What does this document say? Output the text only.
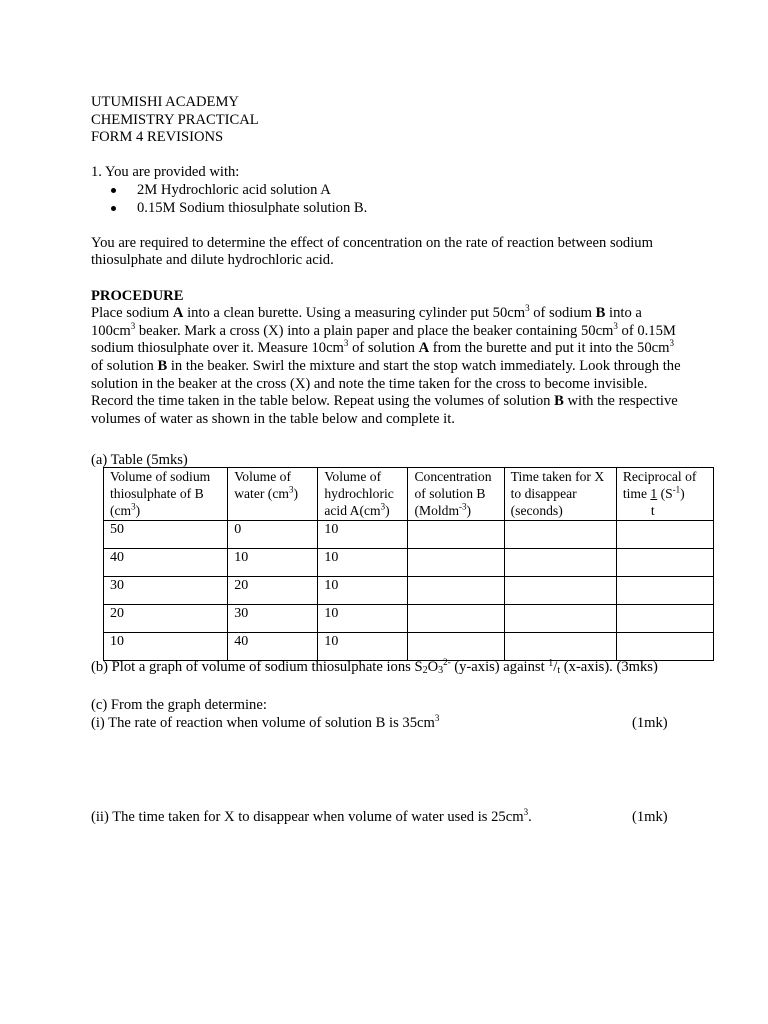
UTUMISHI ACADEMY
CHEMISTRY PRACTICAL
FORM 4 REVISIONS
1. You are provided with:
2M Hydrochloric acid solution A
0.15M Sodium thiosulphate solution B.
You are required to determine the effect of concentration on the rate of reaction between sodium thiosulphate and dilute hydrochloric acid.
PROCEDURE
Place sodium A into a clean burette. Using a measuring cylinder put $50cm^3$ of sodium B into a $100cm^3$ beaker. Mark a cross (X) into a plain paper and place the beaker containing $50cm^3$ of 0.15M sodium thiosulphate over it. Measure $10cm^3$ of solution A from the burette and put it into the $50cm^3$ of solution B in the beaker. Swirl the mixture and start the stop watch immediately. Look through the solution in the beaker at the cross (X) and note the time taken for the cross to become invisible. Record the time taken in the table below. Repeat using the volumes of solution B with the respective volumes of water as shown in the table below and complete it.
(a) Table (5mks)
Volume of sodium thiosulphate of B $(cm^3)$	Volume of water $(cm^3)$	Volume of hydrochloric acid $A(cm^3)$	Concentration of solution B (Moldm$^{-3}$)	Time taken for X to disappear (seconds)	Reciprocal of time 1 $(S^{-1})$
t

50	0	10			
40	10	10			
30	20	10			
20	30	10			
10	40	10			
(b) Plot a graph of volume of sodium thiosulphate ions $S_2O_3^{2-}$ (y-axis) against $^1$/t (x-axis). (3mks)
(c) From the graph determine:
(i) The rate of reaction when volume of solution B is $35cm^3$	(1mk)
(ii) The time taken for X to disappear when volume of water used is $25cm^3$.	(1mk)
